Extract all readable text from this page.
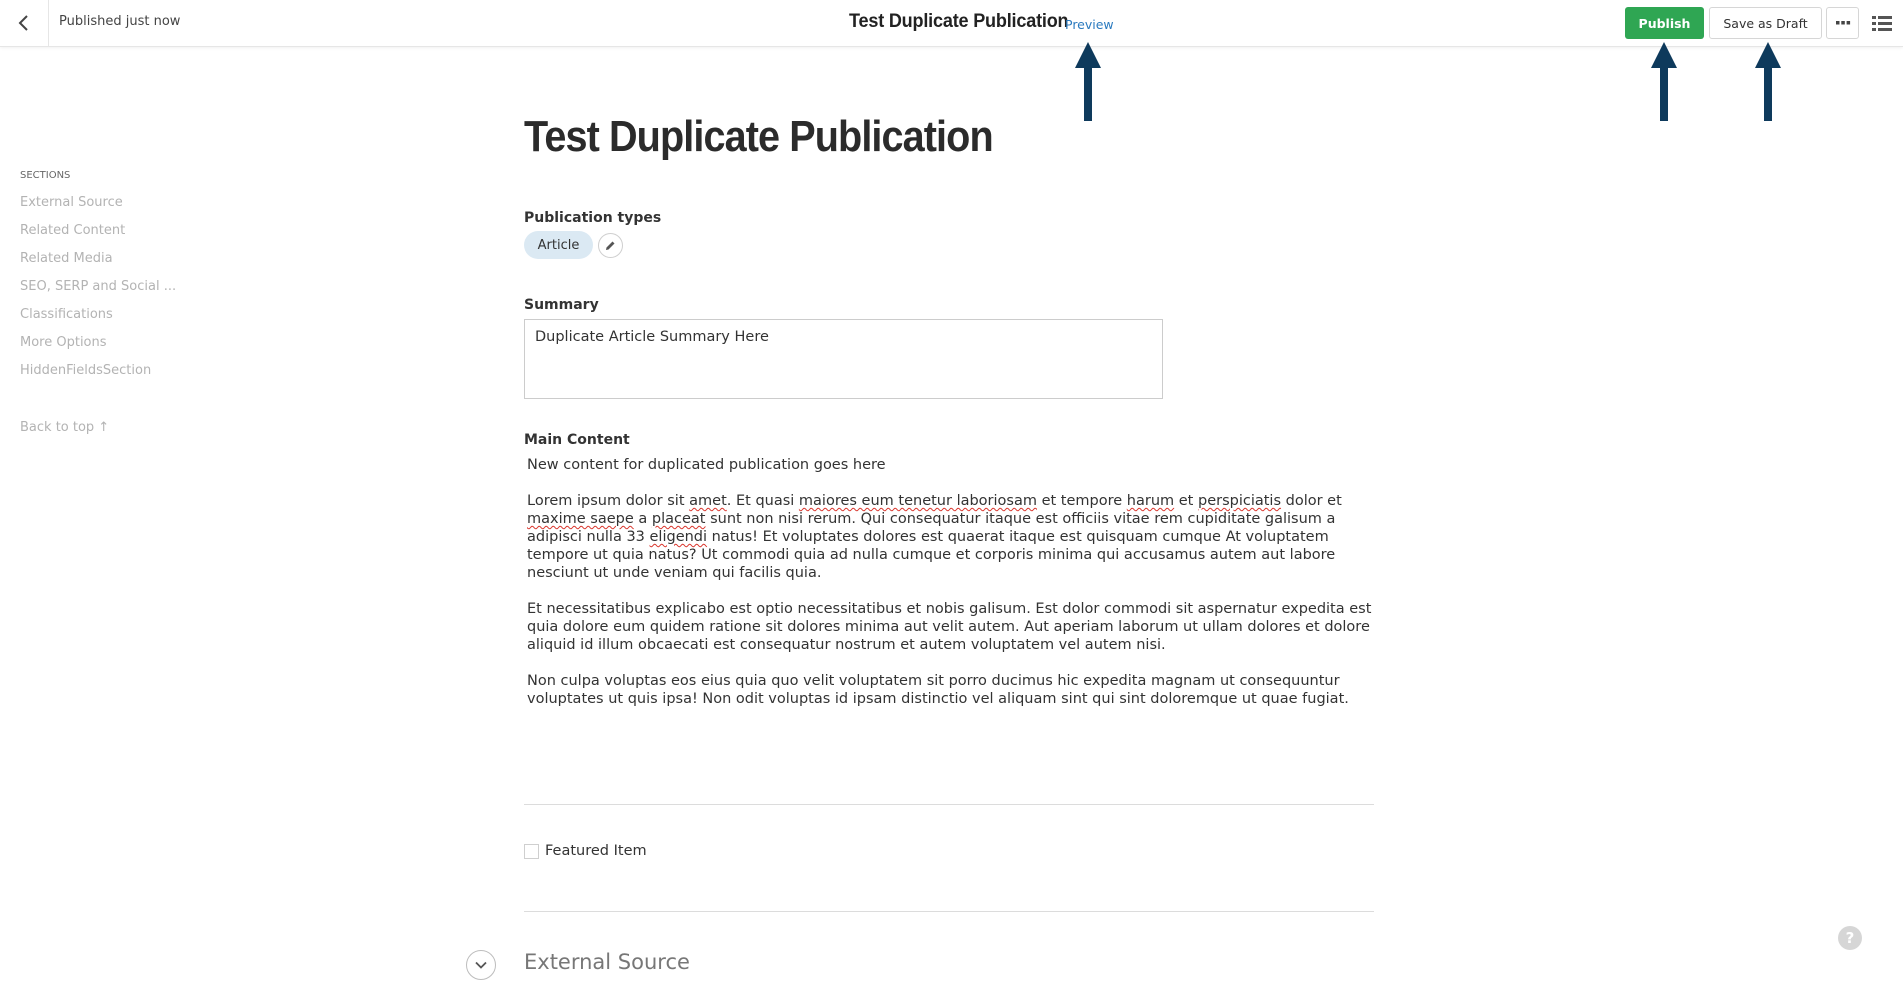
Published just now	Test Duplicate Publication
Preview	Publish	Save as Draft
SECTIONS
External Source
Related Content
Related Media
SEO, SERP and Social ...
Classifications
More Options
HiddenFieldsSection
Back to top ↑
Test Duplicate Publication
Publication types
Article
Summary
Duplicate Article Summary Here
Main Content

New content for duplicated publication goes here

Lorem ipsum dolor sit amet. Et quasi maiores eum tenetur laboriosam et tempore harum et perspiciatis dolor et maxime saepe a placeat sunt non nisi rerum. Qui consequatur itaque est officiis vitae rem cupiditate galisum a adipisci nulla 33 eligendi natus! Et voluptates dolores est quaerat itaque est quisquam cumque At voluptatem tempore ut quia natus? Ut commodi quia ad nulla cumque et corporis minima qui accusamus autem aut labore nesciunt ut unde veniam qui facilis quia.

Et necessitatibus explicabo est optio necessitatibus et nobis galisum. Est dolor commodi sit aspernatur expedita est quia dolore eum quidem ratione sit dolores minima aut velit autem. Aut aperiam laborum ut ullam dolores et dolore aliquid id illum obcaecati est consequatur nostrum et autem voluptatem vel autem nisi.

Non culpa voluptas eos eius quia quo velit voluptatem sit porro ducimus hic expedita magnam ut consequuntur voluptates ut quis ipsa! Non odit voluptas id ipsam distinctio vel aliquam sint qui sint doloremque ut quae fugiat.

Featured Item
External Source
?
